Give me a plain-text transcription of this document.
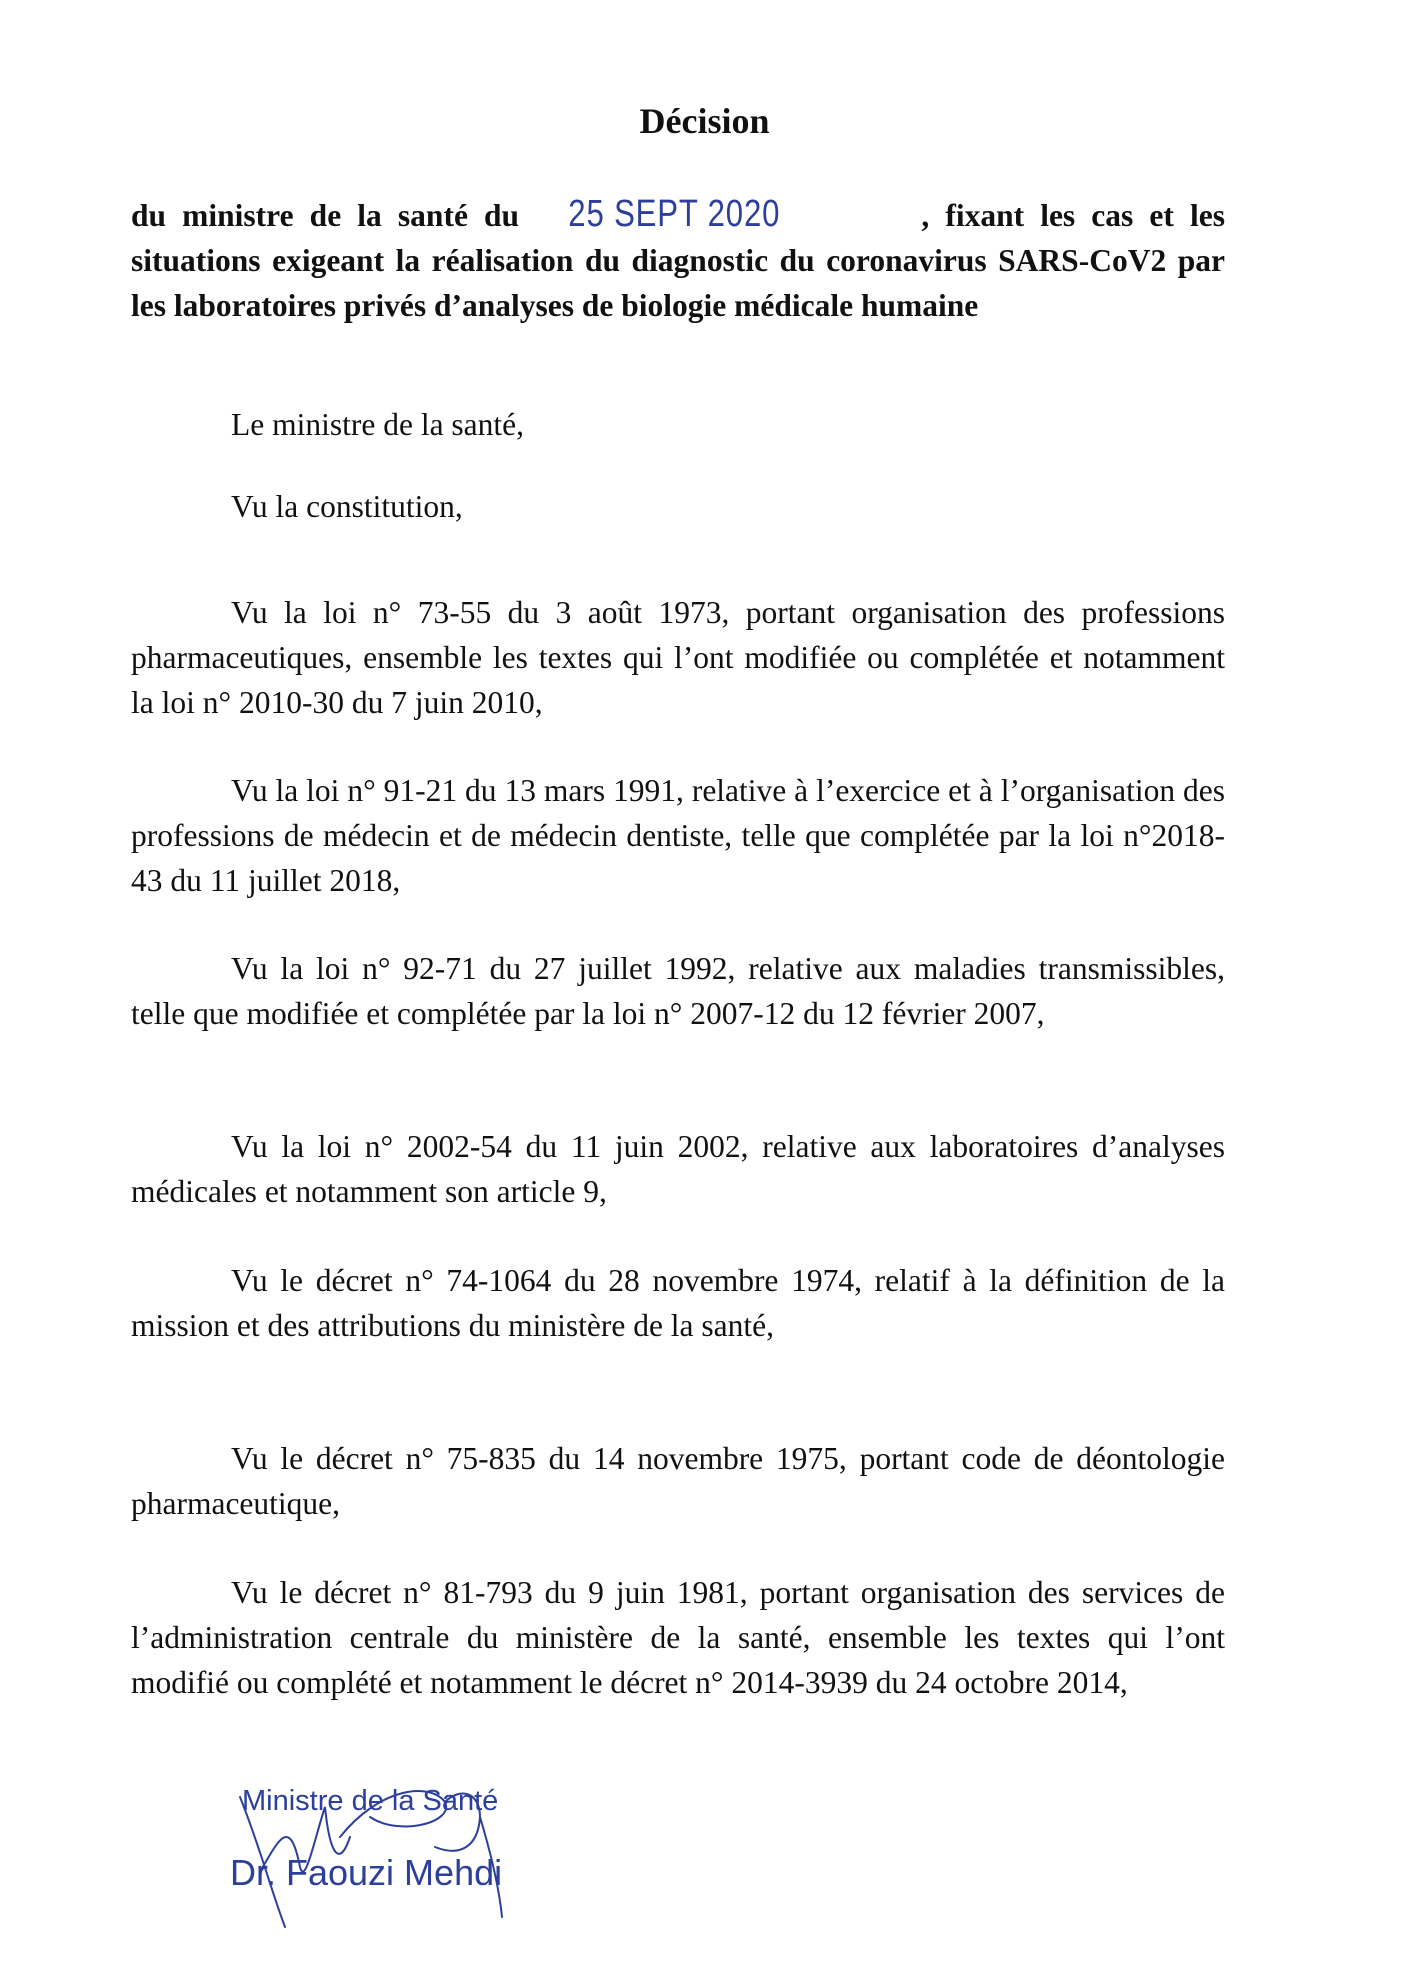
Décision
du ministre de la santé du 25 SEPT 2020	, fixant les cas et les situations exigeant la réalisation du diagnostic du coronavirus SARS-CoV2 par les laboratoires privés d’analyses de biologie médicale humaine

Le ministre de la santé,

Vu la constitution,

Vu la loi n° 73-55 du 3 août 1973, portant organisation des professions pharmaceutiques, ensemble les textes qui l’ont modifiée ou complétée et notamment la loi n° 2010-30 du 7 juin 2010,

Vu la loi n° 91-21 du 13 mars 1991, relative à l’exercice et à l’organisation des professions de médecin et de médecin dentiste, telle que complétée par la loi n°2018-43 du 11 juillet 2018,

Vu la loi n° 92-71 du 27 juillet 1992, relative aux maladies transmissibles, telle que modifiée et complétée par la loi n° 2007-12 du 12 février 2007,

Vu la loi n° 2002-54 du 11 juin 2002, relative aux laboratoires d’analyses médicales et notamment son article 9,

Vu le décret n° 74-1064 du 28 novembre 1974, relatif à la définition de la mission et des attributions du ministère de la santé,

Vu le décret n° 75-835 du 14 novembre 1975, portant code de déontologie pharmaceutique,

Vu le décret n° 81-793 du 9 juin 1981, portant organisation des services de l’administration centrale du ministère de la santé, ensemble les textes qui l’ont modifié ou complété et notamment le décret n° 2014-3939 du 24 octobre 2014,

Ministre de la Santé
Dr. Faouzi Mehdi
